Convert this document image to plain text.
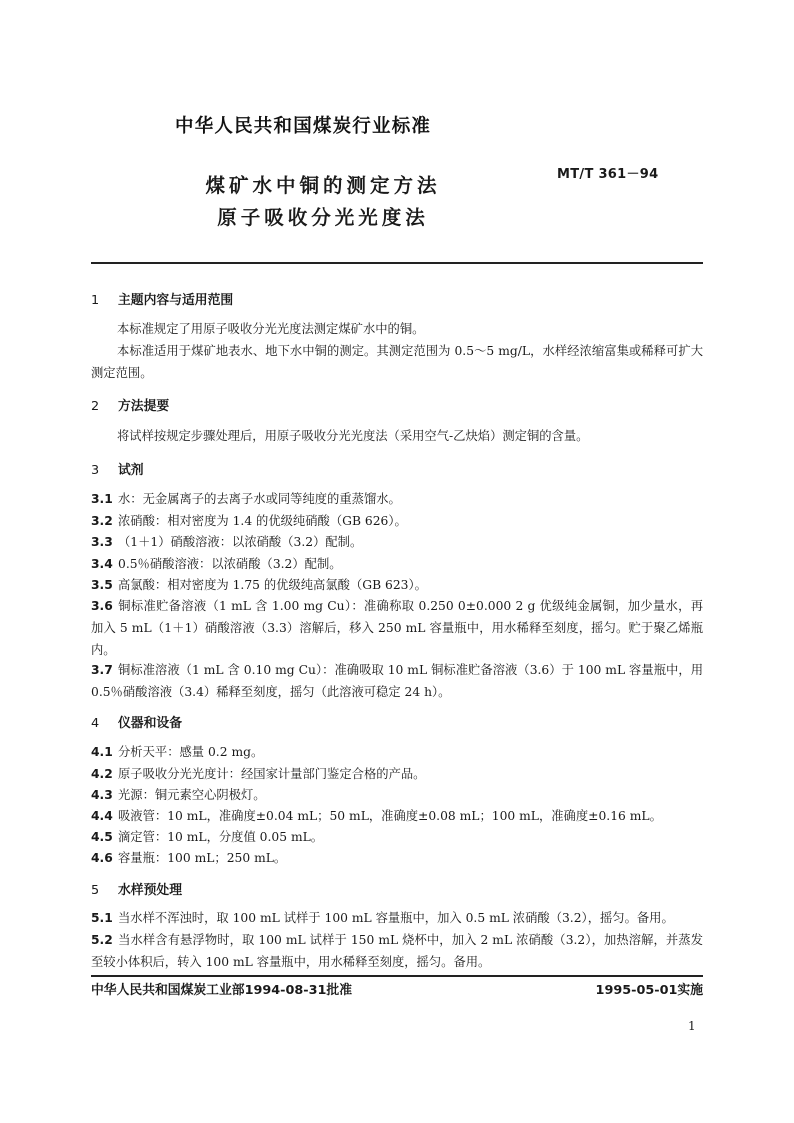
中华人民共和国煤炭行业标准
MT/T 361－94
煤矿水中铜的测定方法
原子吸收分光光度法
1 主题内容与适用范围
本标准规定了用原子吸收分光光度法测定煤矿水中的铜。
本标准适用于煤矿地表水、地下水中铜的测定。其测定范围为 0.5～5 mg/L，水样经浓缩富集或稀释可扩大测定范围。
2 方法提要
将试样按规定步骤处理后，用原子吸收分光光度法（采用空气-乙炔焰）测定铜的含量。
3 试剂
3.1 水：无金属离子的去离子水或同等纯度的重蒸馏水。
3.2 浓硝酸：相对密度为 1.4 的优级纯硝酸（GB 626）。
3.3 （1＋1）硝酸溶液：以浓硝酸（3.2）配制。
3.4 0.5％硝酸溶液：以浓硝酸（3.2）配制。
3.5 高氯酸：相对密度为 1.75 的优级纯高氯酸（GB 623）。
3.6 铜标准贮备溶液（1 mL 含 1.00 mg Cu）：准确称取 0.250 0±0.000 2 g 优级纯金属铜，加少量水，再加入 5 mL（1＋1）硝酸溶液（3.3）溶解后，移入 250 mL 容量瓶中，用水稀释至刻度，摇匀。贮于聚乙烯瓶内。
3.7 铜标准溶液（1 mL 含 0.10 mg Cu）：准确吸取 10 mL 铜标准贮备溶液（3.6）于 100 mL 容量瓶中，用 0.5％硝酸溶液（3.4）稀释至刻度，摇匀（此溶液可稳定 24 h）。
4 仪器和设备
4.1 分析天平：感量 0.2 mg。
4.2 原子吸收分光光度计：经国家计量部门鉴定合格的产品。
4.3 光源：铜元素空心阴极灯。
4.4 吸液管：10 mL，准确度±0.04 mL；50 mL，准确度±0.08 mL；100 mL，准确度±0.16 mL。
4.5 滴定管：10 mL，分度值 0.05 mL。
4.6 容量瓶：100 mL；250 mL。
5 水样预处理
5.1 当水样不浑浊时，取 100 mL 试样于 100 mL 容量瓶中，加入 0.5 mL 浓硝酸（3.2），摇匀。备用。
5.2 当水样含有悬浮物时，取 100 mL 试样于 150 mL 烧杯中，加入 2 mL 浓硝酸（3.2），加热溶解，并蒸发至较小体积后，转入 100 mL 容量瓶中，用水稀释至刻度，摇匀。备用。
中华人民共和国煤炭工业部1994-08-31批准	1995-05-01实施
1
